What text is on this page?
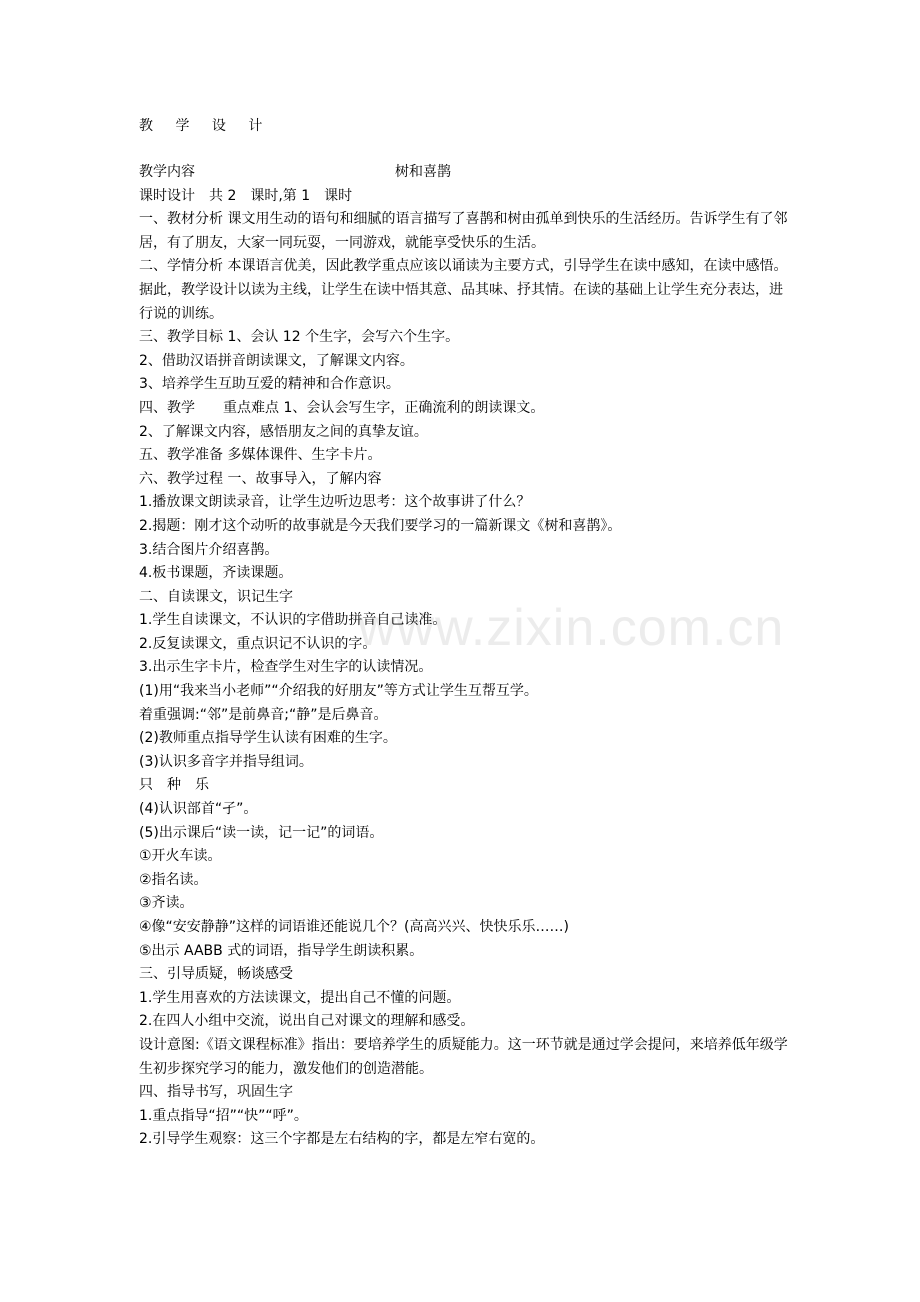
www.zixin.com.cn
教 学 设 计
教学内容	树和喜鹊
课时设计　共 2　课时,第 1　课时
一、教材分析 课文用生动的语句和细腻的语言描写了喜鹊和树由孤单到快乐的生活经历。告诉学生有了邻居，有了朋友，大家一同玩耍，一同游戏，就能享受快乐的生活。
二、学情分析 本课语言优美，因此教学重点应该以诵读为主要方式，引导学生在读中感知，在读中感悟。据此，教学设计以读为主线，让学生在读中悟其意、品其味、抒其情。在读的基础上让学生充分表达，进行说的训练。
三、教学目标 1、会认 12 个生字，会写六个生字。
2、借助汉语拼音朗读课文，了解课文内容。
3、培养学生互助互爱的精神和合作意识。
四、教学　　重点难点 1、会认会写生字，正确流利的朗读课文。
2、了解课文内容，感悟朋友之间的真挚友谊。
五、教学准备 多媒体课件、生字卡片。
六、教学过程 一、故事导入，了解内容
1.播放课文朗读录音，让学生边听边思考：这个故事讲了什么？
2.揭题：刚才这个动听的故事就是今天我们要学习的一篇新课文《树和喜鹊》。
3.结合图片介绍喜鹊。
4.板书课题，齐读课题。
二、自读课文，识记生字
1.学生自读课文，不认识的字借助拼音自己读准。
2.反复读课文，重点识记不认识的字。
3.出示生字卡片，检查学生对生字的认读情况。
(1)用“我来当小老师”“介绍我的好朋友”等方式让学生互帮互学。
着重强调:“邻”是前鼻音;“静”是后鼻音。
(2)教师重点指导学生认读有困难的生字。
(3)认识多音字并指导组词。
只　种　乐
(4)认识部首“孑”。
(5)出示课后“读一读，记一记”的词语。
①开火车读。
②指名读。
③齐读。
④像“安安静静”这样的词语谁还能说几个？(高高兴兴、快快乐乐……)
⑤出示 AABB 式的词语，指导学生朗读积累。
三、引导质疑，畅谈感受
1.学生用喜欢的方法读课文，提出自己不懂的问题。
2.在四人小组中交流，说出自己对课文的理解和感受。
设计意图:《语文课程标准》指出：要培养学生的质疑能力。这一环节就是通过学会提问，来培养低年级学生初步探究学习的能力，激发他们的创造潜能。
四、指导书写，巩固生字
1.重点指导“招”“快”“呼”。
2.引导学生观察：这三个字都是左右结构的字，都是左窄右宽的。
